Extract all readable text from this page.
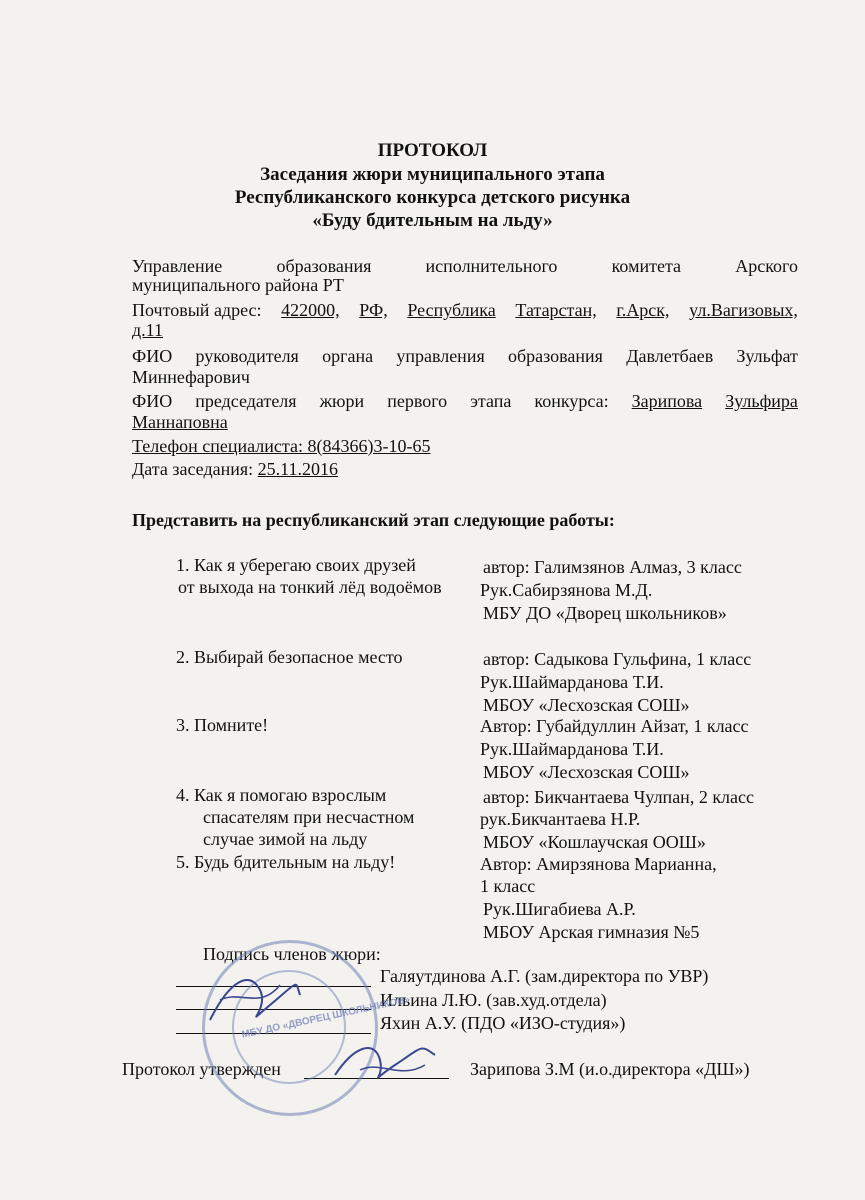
ПРОТОКОЛ
Заседания жюри муниципального этапа
Республиканского конкурса детского рисунка
«Буду бдительным на льду»
Управление	образования	исполнительного	комитета	Арского
муниципального района РТ
Почтовый адрес: 422000, РФ, Республика Татарстан, г.Арск, ул.Вагизовых,
д.11
ФИО руководителя органа управления образования Давлетбаев Зульфат
Миннефарович
ФИО председателя жюри первого этапа конкурса: Зарипова Зульфира
Маннаповна
Телефон специалиста: 8(84366)3-10-65
Дата заседания: 25.11.2016
Представить на республиканский этап следующие работы:
1. Как я уберегаю своих друзей
от выхода на тонкий лёд водоёмов
автор: Галимзянов Алмаз, 3 класс
Рук.Сабирзянова М.Д.
МБУ ДО «Дворец школьников»
2. Выбирай безопасное место	автор: Садыкова Гульфина, 1 класс
Рук.Шаймарданова Т.И.
МБОУ «Лесхозская СОШ»
3. Помните!	Автор: Губайдуллин Айзат, 1 класс
Рук.Шаймарданова Т.И.
МБОУ «Лесхозская СОШ»
4. Как я помогаю взрослым
спасателям при несчастном
случае зимой на льду
автор: Бикчантаева Чулпан, 2 класс
рук.Бикчантаева Н.Р.
МБОУ «Кошлаучская ООШ»
5. Будь бдительным на льду!	Автор: Амирзянова Марианна,
1 класс
Рук.Шигабиева А.Р.
МБОУ Арская гимназия №5
Подпись членов жюри:
Галяутдинова А.Г. (зам.директора по УВР)
Ильина Л.Ю. (зав.худ.отдела)
Яхин А.У. (ПДО «ИЗО-студия»)
Протокол утвержден	Зарипова З.М (и.о.директора «ДШ»)
МБУ ДО «ДВОРЕЦ ШКОЛЬНИКОВ»
